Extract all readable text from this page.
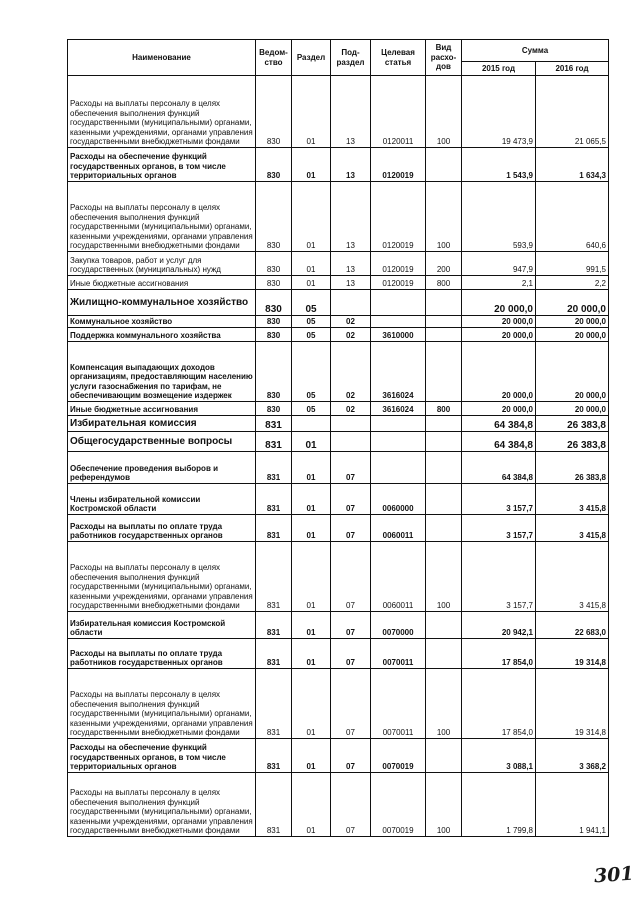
Наименование	Ведом-ство	Раздел	Под-раздел	Целевая статья	Вид расхо-дов	Сумма	
						2015 год	2016 год
Расходы на выплаты персоналу в целях обеспечения выполнения функций государственными (муниципальными) органами, казенными учреждениями, органами управления государственными внебюджетными фондами	830	01	13	0120011	100	19 473,9	21 065,5
Расходы на обеспечение функций государственных органов, в том числе территориальных органов	830	01	13	0120019		1 543,9	1 634,3
Расходы на выплаты персоналу в целях обеспечения выполнения функций государственными (муниципальными) органами, казенными учреждениями, органами управления государственными внебюджетными фондами	830	01	13	0120019	100	593,9	640,6
Закупка товаров, работ и услуг для государственных (муниципальных) нужд	830	01	13	0120019	200	947,9	991,5
Иные бюджетные ассигнования	830	01	13	0120019	800	2,1	2,2
Жилищно-коммунальное хозяйство	830	05				20 000,0	20 000,0
Коммунальное хозяйство	830	05	02			20 000,0	20 000,0
Поддержка коммунального хозяйства	830	05	02	3610000		20 000,0	20 000,0
Компенсация выпадающих доходов организациям, предоставляющим населению услуги газоснабжения по тарифам, не обеспечивающим возмещение издержек	830	05	02	3616024		20 000,0	20 000,0
Иные бюджетные ассигнования	830	05	02	3616024	800	20 000,0	20 000,0
Избирательная комиссия	831					64 384,8	26 383,8
Общегосударственные вопросы	831	01				64 384,8	26 383,8
Обеспечение проведения выборов и референдумов	831	01	07			64 384,8	26 383,8
Члены избирательной комиссии Костромской области	831	01	07	0060000		3 157,7	3 415,8
Расходы на выплаты по оплате труда работников государственных органов	831	01	07	0060011		3 157,7	3 415,8
Расходы на выплаты персоналу в целях обеспечения выполнения функций государственными (муниципальными) органами, казенными учреждениями, органами управления государственными внебюджетными фондами	831	01	07	0060011	100	3 157,7	3 415,8
Избирательная комиссия Костромской области	831	01	07	0070000		20 942,1	22 683,0
Расходы на выплаты по оплате труда работников государственных органов	831	01	07	0070011		17 854,0	19 314,8
Расходы на выплаты персоналу в целях обеспечения выполнения функций государственными (муниципальными) органами, казенными учреждениями, органами управления государственными внебюджетными фондами	831	01	07	0070011	100	17 854,0	19 314,8
Расходы на обеспечение функций государственных органов, в том числе территориальных органов	831	01	07	0070019		3 088,1	3 368,2
Расходы на выплаты персоналу в целях обеспечения выполнения функций государственными (муниципальными) органами, казенными учреждениями, органами управления государственными внебюджетными фондами	831	01	07	0070019	100	1 799,8	1 941,1
301
